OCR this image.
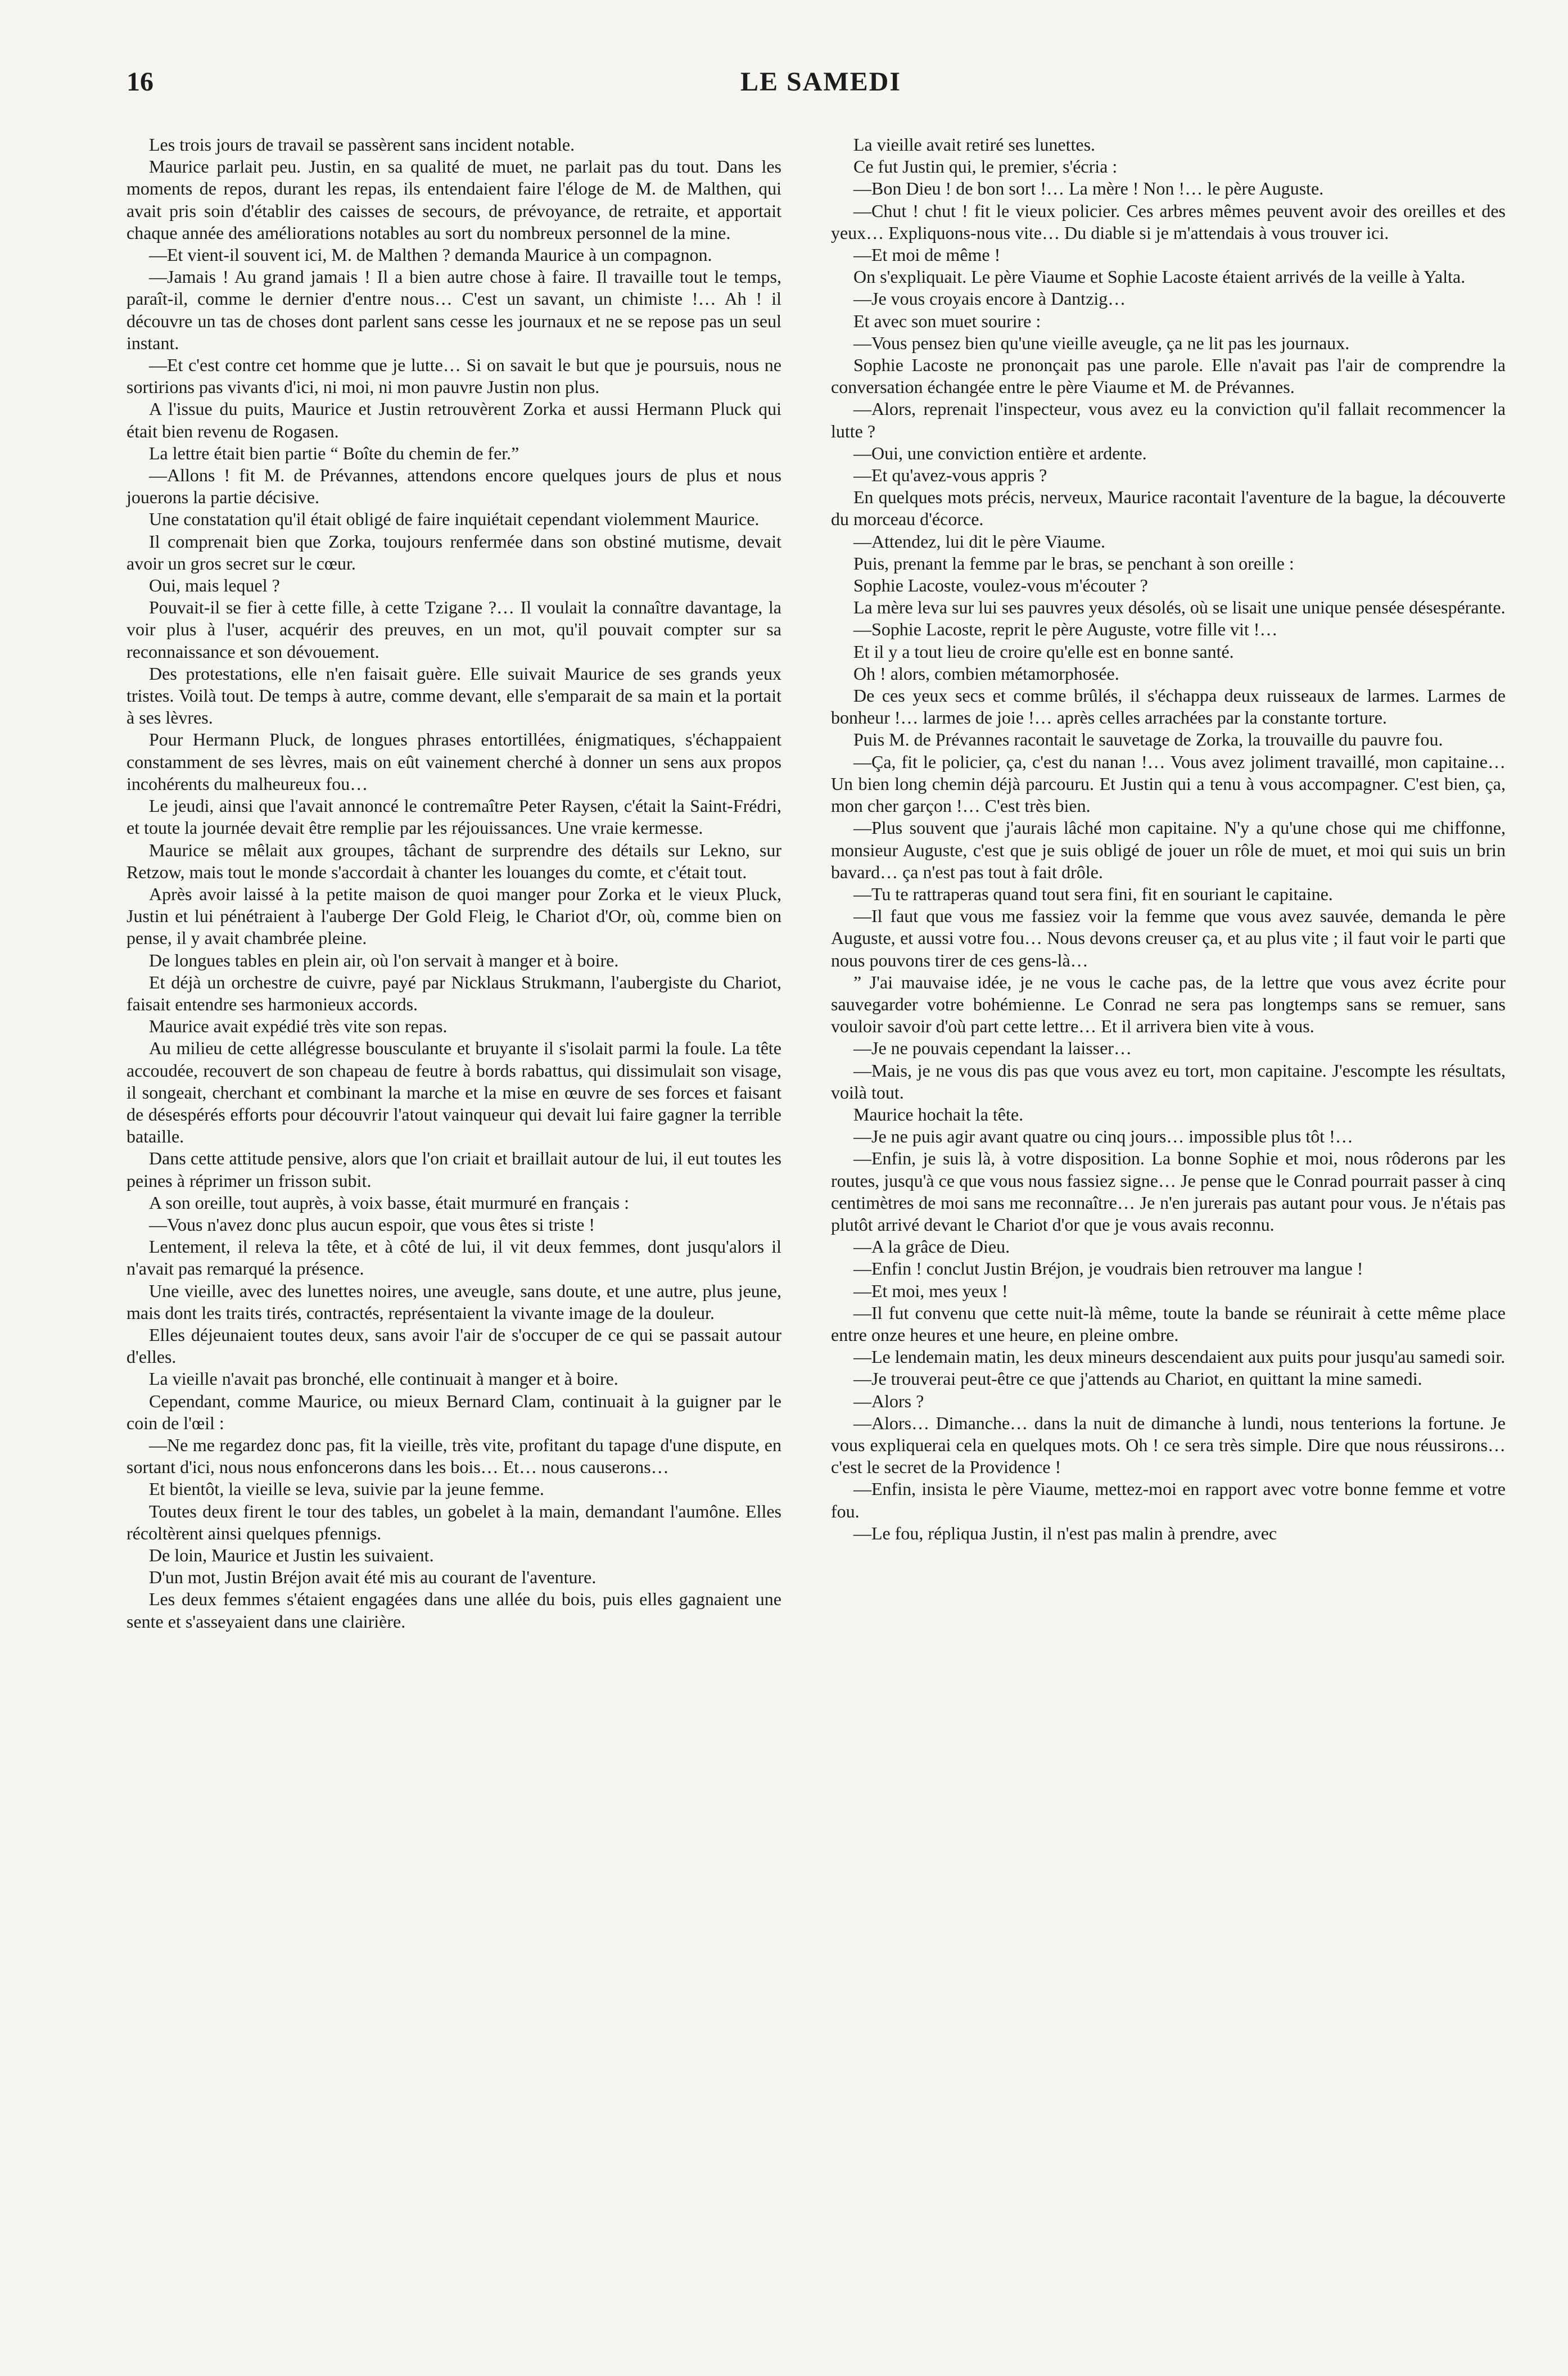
16	LE SAMEDI

Les trois jours de travail se passèrent sans incident notable.

Maurice parlait peu. Justin, en sa qualité de muet, ne parlait pas du tout. Dans les moments de repos, durant les repas, ils entendaient faire l'éloge de M. de Malthen, qui avait pris soin d'établir des caisses de secours, de prévoyance, de retraite, et apportait chaque année des améliorations notables au sort du nombreux personnel de la mine.

—Et vient-il souvent ici, M. de Malthen ? demanda Maurice à un compagnon.

—Jamais ! Au grand jamais ! Il a bien autre chose à faire. Il travaille tout le temps, paraît-il, comme le dernier d'entre nous… C'est un savant, un chimiste !… Ah ! il découvre un tas de choses dont parlent sans cesse les journaux et ne se repose pas un seul instant.

—Et c'est contre cet homme que je lutte… Si on savait le but que je poursuis, nous ne sortirions pas vivants d'ici, ni moi, ni mon pauvre Justin non plus.

A l'issue du puits, Maurice et Justin retrouvèrent Zorka et aussi Hermann Pluck qui était bien revenu de Rogasen.

La lettre était bien partie “ Boîte du chemin de fer.”

—Allons ! fit M. de Prévannes, attendons encore quelques jours de plus et nous jouerons la partie décisive.

Une constatation qu'il était obligé de faire inquiétait cependant violemment Maurice.

Il comprenait bien que Zorka, toujours renfermée dans son obstiné mutisme, devait avoir un gros secret sur le cœur.

Oui, mais lequel ?

Pouvait-il se fier à cette fille, à cette Tzigane ?… Il voulait la connaître davantage, la voir plus à l'user, acquérir des preuves, en un mot, qu'il pouvait compter sur sa reconnaissance et son dévouement.

Des protestations, elle n'en faisait guère. Elle suivait Maurice de ses grands yeux tristes. Voilà tout. De temps à autre, comme devant, elle s'emparait de sa main et la portait à ses lèvres.

Pour Hermann Pluck, de longues phrases entortillées, énigmatiques, s'échappaient constamment de ses lèvres, mais on eût vainement cherché à donner un sens aux propos incohérents du malheureux fou…

Le jeudi, ainsi que l'avait annoncé le contremaître Peter Raysen, c'était la Saint-Frédri, et toute la journée devait être remplie par les réjouissances. Une vraie kermesse.

Maurice se mêlait aux groupes, tâchant de surprendre des détails sur Lekno, sur Retzow, mais tout le monde s'accordait à chanter les louanges du comte, et c'était tout.

Après avoir laissé à la petite maison de quoi manger pour Zorka et le vieux Pluck, Justin et lui pénétraient à l'auberge Der Gold Fleig, le Chariot d'Or, où, comme bien on pense, il y avait chambrée pleine.

De longues tables en plein air, où l'on servait à manger et à boire.

Et déjà un orchestre de cuivre, payé par Nicklaus Strukmann, l'aubergiste du Chariot, faisait entendre ses harmonieux accords.

Maurice avait expédié très vite son repas.

Au milieu de cette allégresse bousculante et bruyante il s'isolait parmi la foule. La tête accoudée, recouvert de son chapeau de feutre à bords rabattus, qui dissimulait son visage, il songeait, cherchant et combinant la marche et la mise en œuvre de ses forces et faisant de désespérés efforts pour découvrir l'atout vainqueur qui devait lui faire gagner la terrible bataille.

Dans cette attitude pensive, alors que l'on criait et braillait autour de lui, il eut toutes les peines à réprimer un frisson subit.

A son oreille, tout auprès, à voix basse, était murmuré en français :

—Vous n'avez donc plus aucun espoir, que vous êtes si triste !

Lentement, il releva la tête, et à côté de lui, il vit deux femmes, dont jusqu'alors il n'avait pas remarqué la présence.

Une vieille, avec des lunettes noires, une aveugle, sans doute, et une autre, plus jeune, mais dont les traits tirés, contractés, représentaient la vivante image de la douleur.

Elles déjeunaient toutes deux, sans avoir l'air de s'occuper de ce qui se passait autour d'elles.

La vieille n'avait pas bronché, elle continuait à manger et à boire.

Cependant, comme Maurice, ou mieux Bernard Clam, continuait à la guigner par le coin de l'œil :

—Ne me regardez donc pas, fit la vieille, très vite, profitant du tapage d'une dispute, en sortant d'ici, nous nous enfoncerons dans les bois… Et… nous causerons…

Et bientôt, la vieille se leva, suivie par la jeune femme.

Toutes deux firent le tour des tables, un gobelet à la main, demandant l'aumône. Elles récoltèrent ainsi quelques pfennigs.

De loin, Maurice et Justin les suivaient.

D'un mot, Justin Bréjon avait été mis au courant de l'aventure.

Les deux femmes s'étaient engagées dans une allée du bois, puis elles gagnaient une sente et s'asseyaient dans une clairière.

La vieille avait retiré ses lunettes.

Ce fut Justin qui, le premier, s'écria :

—Bon Dieu ! de bon sort !… La mère ! Non !… le père Auguste.

—Chut ! chut ! fit le vieux policier. Ces arbres mêmes peuvent avoir des oreilles et des yeux… Expliquons-nous vite… Du diable si je m'attendais à vous trouver ici.

—Et moi de même !

On s'expliquait. Le père Viaume et Sophie Lacoste étaient arrivés de la veille à Yalta.

—Je vous croyais encore à Dantzig…

Et avec son muet sourire :

—Vous pensez bien qu'une vieille aveugle, ça ne lit pas les journaux.

Sophie Lacoste ne prononçait pas une parole. Elle n'avait pas l'air de comprendre la conversation échangée entre le père Viaume et M. de Prévannes.

—Alors, reprenait l'inspecteur, vous avez eu la conviction qu'il fallait recommencer la lutte ?

—Oui, une conviction entière et ardente.

—Et qu'avez-vous appris ?

En quelques mots précis, nerveux, Maurice racontait l'aventure de la bague, la découverte du morceau d'écorce.

—Attendez, lui dit le père Viaume.

Puis, prenant la femme par le bras, se penchant à son oreille :

Sophie Lacoste, voulez-vous m'écouter ?

La mère leva sur lui ses pauvres yeux désolés, où se lisait une unique pensée désespérante.

—Sophie Lacoste, reprit le père Auguste, votre fille vit !…

Et il y a tout lieu de croire qu'elle est en bonne santé.

Oh ! alors, combien métamorphosée.

De ces yeux secs et comme brûlés, il s'échappa deux ruisseaux de larmes. Larmes de bonheur !… larmes de joie !… après celles arrachées par la constante torture.

Puis M. de Prévannes racontait le sauvetage de Zorka, la trouvaille du pauvre fou.

—Ça, fit le policier, ça, c'est du nanan !… Vous avez joliment travaillé, mon capitaine… Un bien long chemin déjà parcouru. Et Justin qui a tenu à vous accompagner. C'est bien, ça, mon cher garçon !… C'est très bien.

—Plus souvent que j'aurais lâché mon capitaine. N'y a qu'une chose qui me chiffonne, monsieur Auguste, c'est que je suis obligé de jouer un rôle de muet, et moi qui suis un brin bavard… ça n'est pas tout à fait drôle.

—Tu te rattraperas quand tout sera fini, fit en souriant le capitaine.

—Il faut que vous me fassiez voir la femme que vous avez sauvée, demanda le père Auguste, et aussi votre fou… Nous devons creuser ça, et au plus vite ; il faut voir le parti que nous pouvons tirer de ces gens-là…

” J'ai mauvaise idée, je ne vous le cache pas, de la lettre que vous avez écrite pour sauvegarder votre bohémienne. Le Conrad ne sera pas longtemps sans se remuer, sans vouloir savoir d'où part cette lettre… Et il arrivera bien vite à vous.

—Je ne pouvais cependant la laisser…

—Mais, je ne vous dis pas que vous avez eu tort, mon capitaine. J'escompte les résultats, voilà tout.

Maurice hochait la tête.

—Je ne puis agir avant quatre ou cinq jours… impossible plus tôt !…

—Enfin, je suis là, à votre disposition. La bonne Sophie et moi, nous rôderons par les routes, jusqu'à ce que vous nous fassiez signe… Je pense que le Conrad pourrait passer à cinq centimètres de moi sans me reconnaître… Je n'en jurerais pas autant pour vous. Je n'étais pas plutôt arrivé devant le Chariot d'or que je vous avais reconnu.

—A la grâce de Dieu.

—Enfin ! conclut Justin Bréjon, je voudrais bien retrouver ma langue !

—Et moi, mes yeux !

—Il fut convenu que cette nuit-là même, toute la bande se réunirait à cette même place entre onze heures et une heure, en pleine ombre.

—Le lendemain matin, les deux mineurs descendaient aux puits pour jusqu'au samedi soir.

—Je trouverai peut-être ce que j'attends au Chariot, en quittant la mine samedi.

—Alors ?

—Alors… Dimanche… dans la nuit de dimanche à lundi, nous tenterions la fortune. Je vous expliquerai cela en quelques mots. Oh ! ce sera très simple. Dire que nous réussirons… c'est le secret de la Providence !

—Enfin, insista le père Viaume, mettez-moi en rapport avec votre bonne femme et votre fou.

—Le fou, répliqua Justin, il n'est pas malin à prendre, avec
